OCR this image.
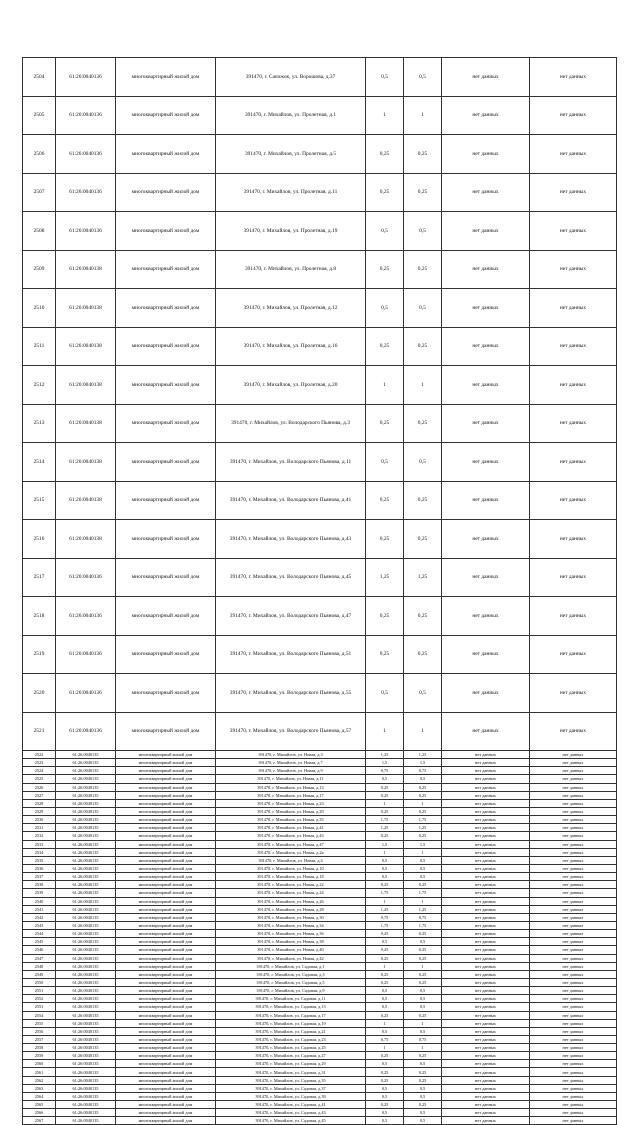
2504	61:26:0040136	многоквартирный жилой дом	391470, г. Сапожок, ул. Ворошова, д.37	0,5	0,5	нет данных	нет данных
2505	61:26:0040136	многоквартирный жилой дом	391470, г. Михайлов, ул. Пролетная, д.1	1	1	нет данных	нет данных
2506	61:26:0040136	многоквартирный жилой дом	391470, г. Михайлов, ул. Пролетная, д.5	0,25	0,25	нет данных	нет данных
2507	61:26:0040136	многоквартирный жилой дом	391470, г. Михайлов, ул. Пролетная, д.11	0,25	0,25	нет данных	нет данных
2508	61:26:0040136	многоквартирный жилой дом	391470, г. Михайлов, ул. Пролетная, д.19	0,5	0,5	нет данных	нет данных
2509	61:26:0040138	многоквартирный жилой дом	391470, г. Михайлов, ул. Пролетная, д.8	0,25	0,25	нет данных	нет данных
2510	61:26:0040138	многоквартирный жилой дом	391470, г. Михайлов, ул. Пролетная, д.12	0,5	0,5	нет данных	нет данных
2511	61:26:0040138	многоквартирный жилой дом	391470, г. Михайлов, ул. Пролетная, д.16	0,25	0,25	нет данных	нет данных
2512	61:26:0040138	многоквартирный жилой дом	391470, г. Михайлов, ул. Пролетная, д.20	1	1	нет данных	нет данных
2513	61:26:0040138	многоквартирный жилой дом	391470, г. Михайлов, ул. Володарского Пьянова, д.3	0,25	0,25	нет данных	нет данных
2514	61:26:0040138	многоквартирный жилой дом	391470, г. Михайлов, ул. Володарского Пьянова, д.11	0,5	0,5	нет данных	нет данных
2515	61:26:0040138	многоквартирный жилой дом	391470, г. Михайлов, ул. Володарского Пьянова, д.41	0,25	0,25	нет данных	нет данных
2516	61:26:0040138	многоквартирный жилой дом	391470, г. Михайлов, ул. Володарского Пьянова, д.43	0,25	0,25	нет данных	нет данных
2517	61:26:0040136	многоквартирный жилой дом	391470, г. Михайлов, ул. Володарского Пьянова, д.45	1,25	1,25	нет данных	нет данных
2518	61:26:0040136	многоквартирный жилой дом	391470, г. Михайлов, ул. Володарского Пьянова, д.47	0,25	0,25	нет данных	нет данных
2519	61:26:0040136	многоквартирный жилой дом	391470, г. Михайлов, ул. Володарского Пьянова, д.51	0,25	0,25	нет данных	нет данных
2520	61:26:0040136	многоквартирный жилой дом	391470, г. Михайлов, ул. Володарского Пьянова, д.55	0,5	0,5	нет данных	нет данных
2521	61:26:0040136	многоквартирный жилой дом	391470, г. Михайлов, ул. Володарского Пьянова, д.57	1	1	нет данных	нет данных
2522	61:26:0040135	многоквартирный жилой дом	391470, г. Михайлов, ул. Новая, д.3	1,25	1,25	нет данных	нет данных
2523	61:26:0040135	многоквартирный жилой дом	391470, г. Михайлов, ул. Новая, д.7	1,5	1,5	нет данных	нет данных
2524	61:26:0040135	многоквартирный жилой дом	391470, г. Михайлов, ул. Новая, д.9	0,75	0,75	нет данных	нет данных
2525	61:26:0040135	многоквартирный жилой дом	391470, г. Михайлов, ул. Новая, д.11	0,5	0,5	нет данных	нет данных
2526	61:26:0040135	многоквартирный жилой дом	391470, г. Михайлов, ул. Новая, д.13	0,25	0,25	нет данных	нет данных
2527	61:26:0040135	многоквартирный жилой дом	391470, г. Михайлов, ул. Новая, д.17	0,25	0,25	нет данных	нет данных
2528	61:26:0040135	многоквартирный жилой дом	391470, г. Михайлов, ул. Новая, д.23	1	1	нет данных	нет данных
2529	61:26:0040135	многоквартирный жилой дом	391470, г. Михайлов, ул. Новая, д.29	0,25	0,25	нет данных	нет данных
2530	61:26:0040135	многоквартирный жилой дом	391470, г. Михайлов, ул. Новая, д.35	1,75	1,75	нет данных	нет данных
2531	61:26:0040135	многоквартирный жилой дом	391470, г. Михайлов, ул. Новая, д.41	1,25	1,25	нет данных	нет данных
2532	61:26:0040135	многоквартирный жилой дом	391470, г. Михайлов, ул. Новая, д.43	0,25	0,25	нет данных	нет данных
2533	61:26:0040135	многоквартирный жилой дом	391470, г. Михайлов, ул. Новая, д.47	1,5	1,5	нет данных	нет данных
2534	61:26:0040135	многоквартирный жилой дом	391470, г. Михайлов, ул. Новая, д.2а	1	1	нет данных	нет данных
2535	61:26:0040135	многоквартирный жилой дом	391470, г. Михайлов, ул. Новая, д.4	0,5	0,5	нет данных	нет данных
2536	61:26:0040135	многоквартирный жилой дом	391470, г. Михайлов, ул. Новая, д.10	0,5	0,5	нет данных	нет данных
2537	61:26:0040135	многоквартирный жилой дом	391470, г. Михайлов, ул. Новая, д.18	0,5	0,5	нет данных	нет данных
2538	61:26:0040135	многоквартирный жилой дом	391470, г. Михайлов, ул. Новая, д.22	0,25	0,25	нет данных	нет данных
2539	61:26:0040135	многоквартирный жилой дом	391470, г. Михайлов, ул. Новая, д.24	1,75	1,75	нет данных	нет данных
2540	61:26:0040135	многоквартирный жилой дом	391470, г. Михайлов, ул. Новая, д.26	1	1	нет данных	нет данных
2541	61:26:0040135	многоквартирный жилой дом	391470, г. Михайлов, ул. Новая, д.28	1,25	1,25	нет данных	нет данных
2542	61:26:0040135	многоквартирный жилой дом	391470, г. Михайлов, ул. Новая, д.30	0,75	0,75	нет данных	нет данных
2543	61:26:0040135	многоквартирный жилой дом	391470, г. Михайлов, ул. Новая, д.34	1,75	1,75	нет данных	нет данных
2544	61:26:0040135	многоквартирный жилой дом	391470, г. Михайлов, ул. Новая, д.36	0,25	0,25	нет данных	нет данных
2545	61:26:0040135	многоквартирный жилой дом	391470, г. Михайлов, ул. Новая, д.38	0,5	0,5	нет данных	нет данных
2546	61:26:0040135	многоквартирный жилой дом	391470, г. Михайлов, ул. Новая, д.40	0,25	0,25	нет данных	нет данных
2547	61:26:0040135	многоквартирный жилой дом	391470, г. Михайлов, ул. Новая, д.42	0,25	0,25	нет данных	нет данных
2548	61:26:0040135	многоквартирный жилой дом	391470, г. Михайлов, ул. Садовая, д.1	1	1	нет данных	нет данных
2549	61:26:0040135	многоквартирный жилой дом	391470, г. Михайлов, ул. Садовая, д.3	0,25	0,25	нет данных	нет данных
2550	61:26:0040135	многоквартирный жилой дом	391470, г. Михайлов, ул. Садовая, д.5	0,25	0,25	нет данных	нет данных
2551	61:26:0040135	многоквартирный жилой дом	391470, г. Михайлов, ул. Садовая, д.9	0,5	0,5	нет данных	нет данных
2552	61:26:0040135	многоквартирный жилой дом	391470, г. Михайлов, ул. Садовая, д.11	0,5	0,5	нет данных	нет данных
2553	61:26:0040135	многоквартирный жилой дом	391470, г. Михайлов, ул. Садовая, д.13	0,5	0,5	нет данных	нет данных
2554	61:26:0040135	многоквартирный жилой дом	391470, г. Михайлов, ул. Садовая, д.17	0,25	0,25	нет данных	нет данных
2555	61:26:0040135	многоквартирный жилой дом	391470, г. Михайлов, ул. Садовая, д.19	1	1	нет данных	нет данных
2556	61:26:0040135	многоквартирный жилой дом	391470, г. Михайлов, ул. Садовая, д.21	0,5	0,5	нет данных	нет данных
2557	61:26:0040135	многоквартирный жилой дом	391470, г. Михайлов, ул. Садовая, д.23	0,75	0,75	нет данных	нет данных
2558	61:26:0040135	многоквартирный жилой дом	391470, г. Михайлов, ул. Садовая, д.25	1	1	нет данных	нет данных
2559	61:26:0040135	многоквартирный жилой дом	391470, г. Михайлов, ул. Садовая, д.27	0,25	0,25	нет данных	нет данных
2560	61:26:0040135	многоквартирный жилой дом	391470, г. Михайлов, ул. Садовая, д.29	0,5	0,5	нет данных	нет данных
2561	61:26:0040135	многоквартирный жилой дом	391470, г. Михайлов, ул. Садовая, д.31	0,25	0,25	нет данных	нет данных
2562	61:26:0040135	многоквартирный жилой дом	391470, г. Михайлов, ул. Садовая, д.35	0,25	0,25	нет данных	нет данных
2563	61:26:0040135	многоквартирный жилой дом	391470, г. Михайлов, ул. Садовая, д.37	0,5	0,5	нет данных	нет данных
2564	61:26:0040135	многоквартирный жилой дом	391470, г. Михайлов, ул. Садовая, д.39	0,5	0,5	нет данных	нет данных
2565	61:26:0040135	многоквартирный жилой дом	391470, г. Михайлов, ул. Садовая, д.41	0,25	0,25	нет данных	нет данных
2566	61:26:0040135	многоквартирный жилой дом	391470, г. Михайлов, ул. Садовая, д.43	0,5	0,5	нет данных	нет данных
2567	61:26:0040135	многоквартирный жилой дом	391470, г. Михайлов, ул. Садовая, д.45	0,5	0,5	нет данных	нет данных
